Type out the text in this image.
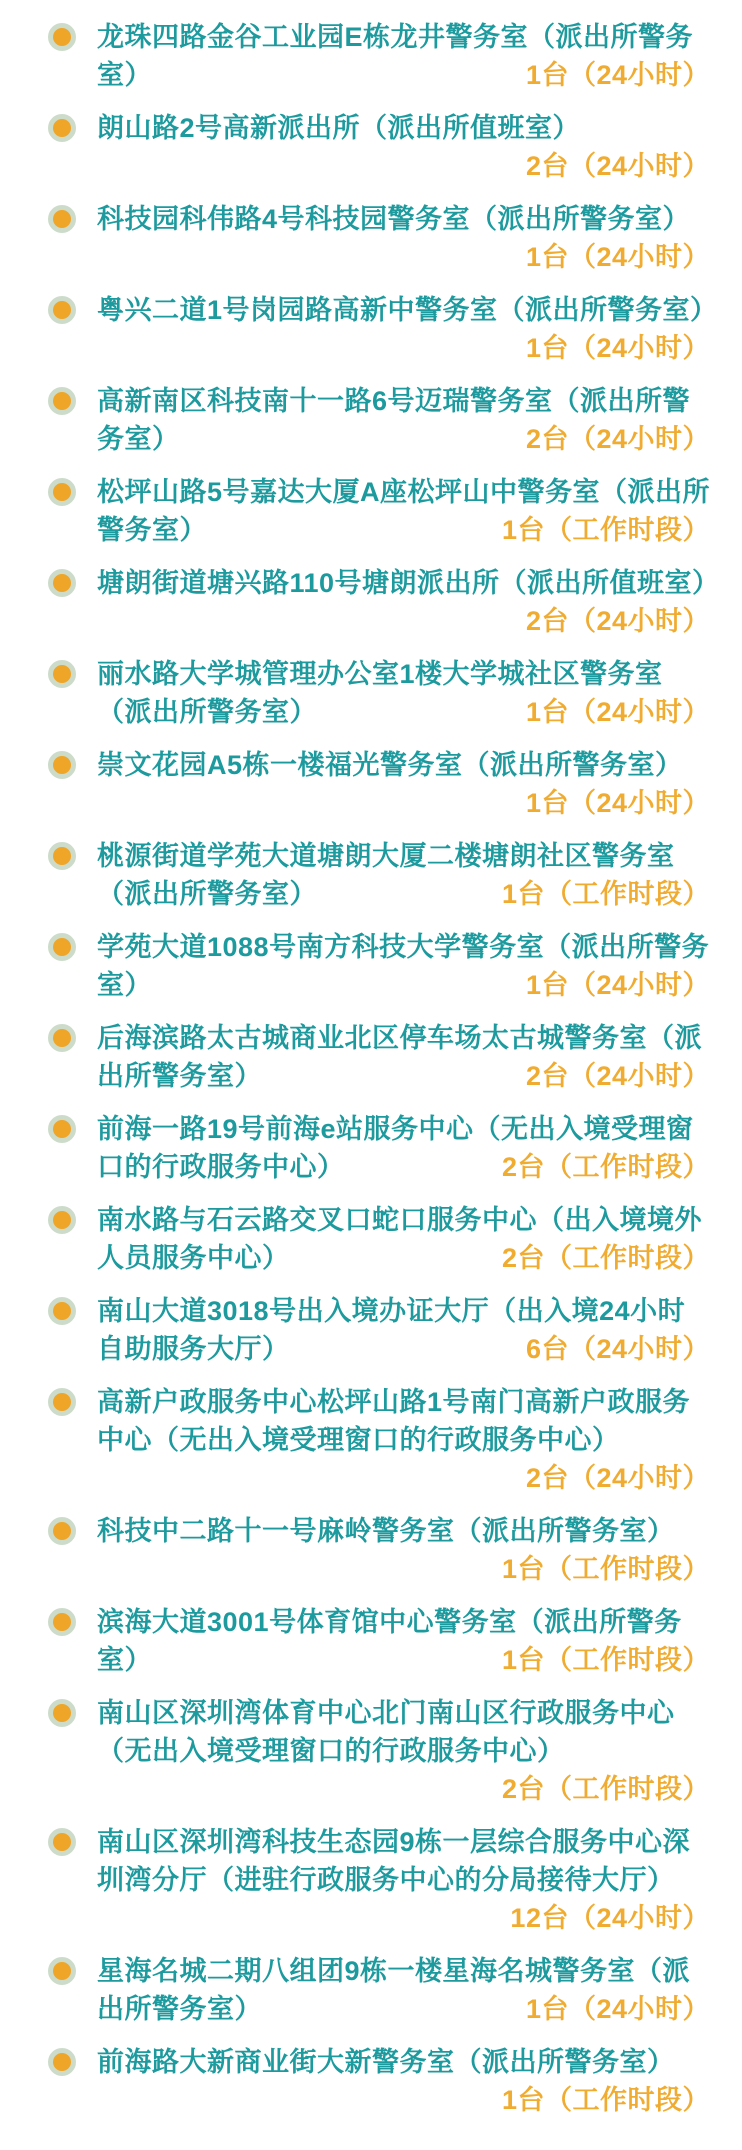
龙珠四路金谷工业园E栋龙井警务室（派出所警务室）	1台（24小时）
朗山路2号高新派出所（派出所值班室）
2台（24小时）
科技园科伟路4号科技园警务室（派出所警务室）
1台（24小时）
粤兴二道1号岗园路高新中警务室（派出所警务室）
1台（24小时）
高新南区科技南十一路6号迈瑞警务室（派出所警务室）	2台（24小时）
松坪山路5号嘉达大厦A座松坪山中警务室（派出所警务室）	1台（工作时段）
塘朗街道塘兴路110号塘朗派出所（派出所值班室）
2台（24小时）
丽水路大学城管理办公室1楼大学城社区警务室（派出所警务室）	1台（24小时）
崇文花园A5栋一楼福光警务室（派出所警务室）
1台（24小时）
桃源街道学苑大道塘朗大厦二楼塘朗社区警务室（派出所警务室）	1台（工作时段）
学苑大道1088号南方科技大学警务室（派出所警务室）	1台（24小时）
后海滨路太古城商业北区停车场太古城警务室（派出所警务室）	2台（24小时）
前海一路19号前海e站服务中心（无出入境受理窗口的行政服务中心）	2台（工作时段）
南水路与石云路交叉口蛇口服务中心（出入境境外人员服务中心）	2台（工作时段）
南山大道3018号出入境办证大厅（出入境24小时自助服务大厅）	6台（24小时）
高新户政服务中心松坪山路1号南门高新户政服务中心（无出入境受理窗口的行政服务中心）
2台（24小时）
科技中二路十一号麻岭警务室（派出所警务室）
1台（工作时段）
滨海大道3001号体育馆中心警务室（派出所警务室）	1台（工作时段）
南山区深圳湾体育中心北门南山区行政服务中心（无出入境受理窗口的行政服务中心）
2台（工作时段）
南山区深圳湾科技生态园9栋一层综合服务中心深圳湾分厅（进驻行政服务中心的分局接待大厅）
12台（24小时）
星海名城二期八组团9栋一楼星海名城警务室（派出所警务室）	1台（24小时）
前海路大新商业街大新警务室（派出所警务室）
1台（工作时段）
